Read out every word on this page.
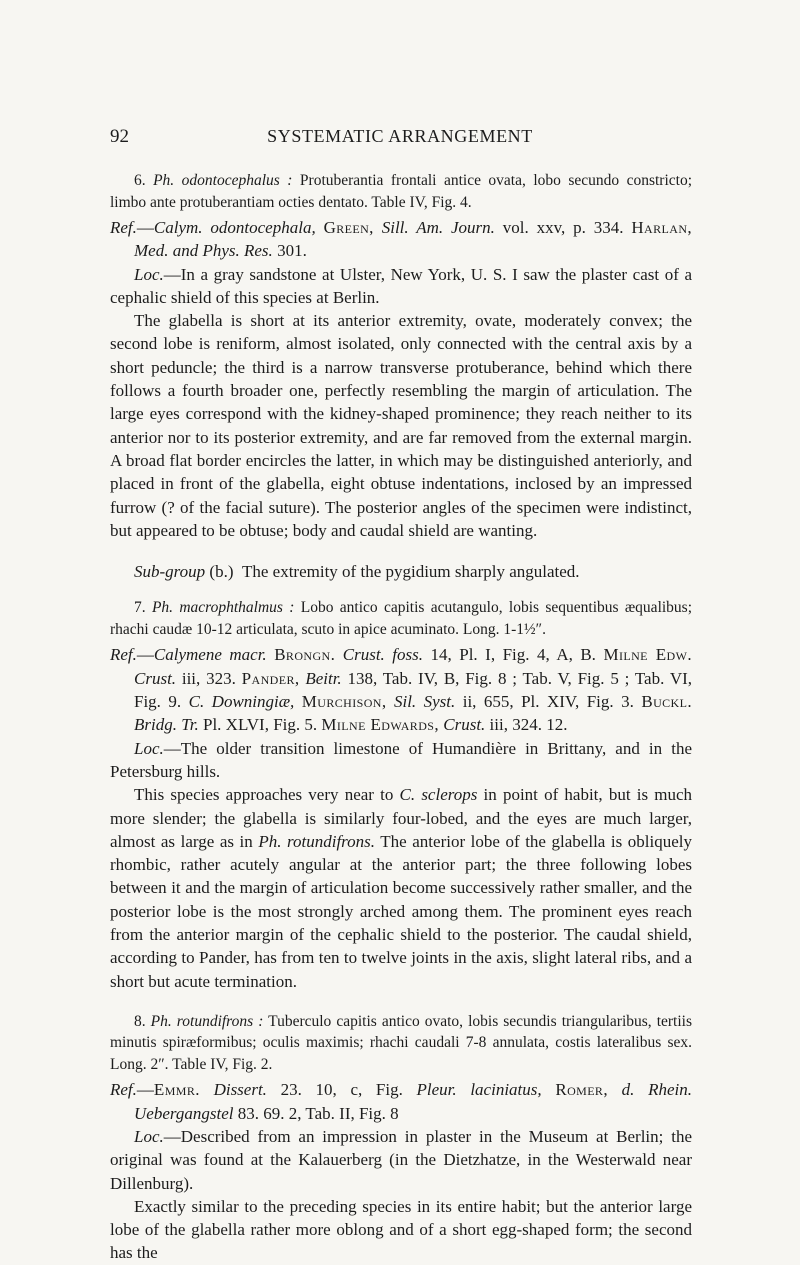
92	SYSTEMATIC ARRANGEMENT

6. Ph. odontocephalus : Protuberantia frontali antice ovata, lobo secundo constricto; limbo ante protuberantiam octies dentato. Table IV, Fig. 4.

Ref.—Calym. odontocephala, Green, Sill. Am. Journ. vol. xxv, p. 334. Harlan, Med. and Phys. Res. 301.

Loc.—In a gray sandstone at Ulster, New York, U. S. I saw the plaster cast of a cephalic shield of this species at Berlin.

The glabella is short at its anterior extremity, ovate, moderately convex; the second lobe is reniform, almost isolated, only connected with the central axis by a short peduncle; the third is a narrow transverse protuberance, behind which there follows a fourth broader one, perfectly resembling the margin of articulation. The large eyes correspond with the kidney-shaped prominence; they reach neither to its anterior nor to its posterior extremity, and are far removed from the external margin. A broad flat border encircles the latter, in which may be distinguished anteriorly, and placed in front of the glabella, eight obtuse indentations, inclosed by an impressed furrow (? of the facial suture). The posterior angles of the specimen were indistinct, but appeared to be obtuse; body and caudal shield are wanting.

Sub-group (b.) The extremity of the pygidium sharply angulated.

7. Ph. macrophthalmus : Lobo antico capitis acutangulo, lobis sequentibus æqualibus; rhachi caudæ 10-12 articulata, scuto in apice acuminato. Long. 1-1½″.

Ref.—Calymene macr. Brongn. Crust. foss. 14, Pl. I, Fig. 4, A, B. Milne Edw. Crust. iii, 323. Pander, Beitr. 138, Tab. IV, B, Fig. 8 ; Tab. V, Fig. 5 ; Tab. VI, Fig. 9. C. Downingiæ, Murchison, Sil. Syst. ii, 655, Pl. XIV, Fig. 3. Buckl. Bridg. Tr. Pl. XLVI, Fig. 5. Milne Edwards, Crust. iii, 324. 12.

Loc.—The older transition limestone of Humandière in Brittany, and in the Petersburg hills.

This species approaches very near to C. sclerops in point of habit, but is much more slender; the glabella is similarly four-lobed, and the eyes are much larger, almost as large as in Ph. rotundifrons. The anterior lobe of the glabella is obliquely rhombic, rather acutely angular at the anterior part; the three following lobes between it and the margin of articulation become successively rather smaller, and the posterior lobe is the most strongly arched among them. The prominent eyes reach from the anterior margin of the cephalic shield to the posterior. The caudal shield, according to Pander, has from ten to twelve joints in the axis, slight lateral ribs, and a short but acute termination.

8. Ph. rotundifrons : Tuberculo capitis antico ovato, lobis secundis triangularibus, tertiis minutis spiræformibus; oculis maximis; rhachi caudali 7-8 annulata, costis lateralibus sex. Long. 2″. Table IV, Fig. 2.

Ref.—Emmr. Dissert. 23. 10, c, Fig. Pleur. laciniatus, Romer, d. Rhein. Uebergangstel 83. 69. 2, Tab. II, Fig. 8

Loc.—Described from an impression in plaster in the Museum at Berlin; the original was found at the Kalauerberg (in the Dietzhatze, in the Westerwald near Dillenburg).

Exactly similar to the preceding species in its entire habit; but the anterior large lobe of the glabella rather more oblong and of a short egg-shaped form; the second has the
